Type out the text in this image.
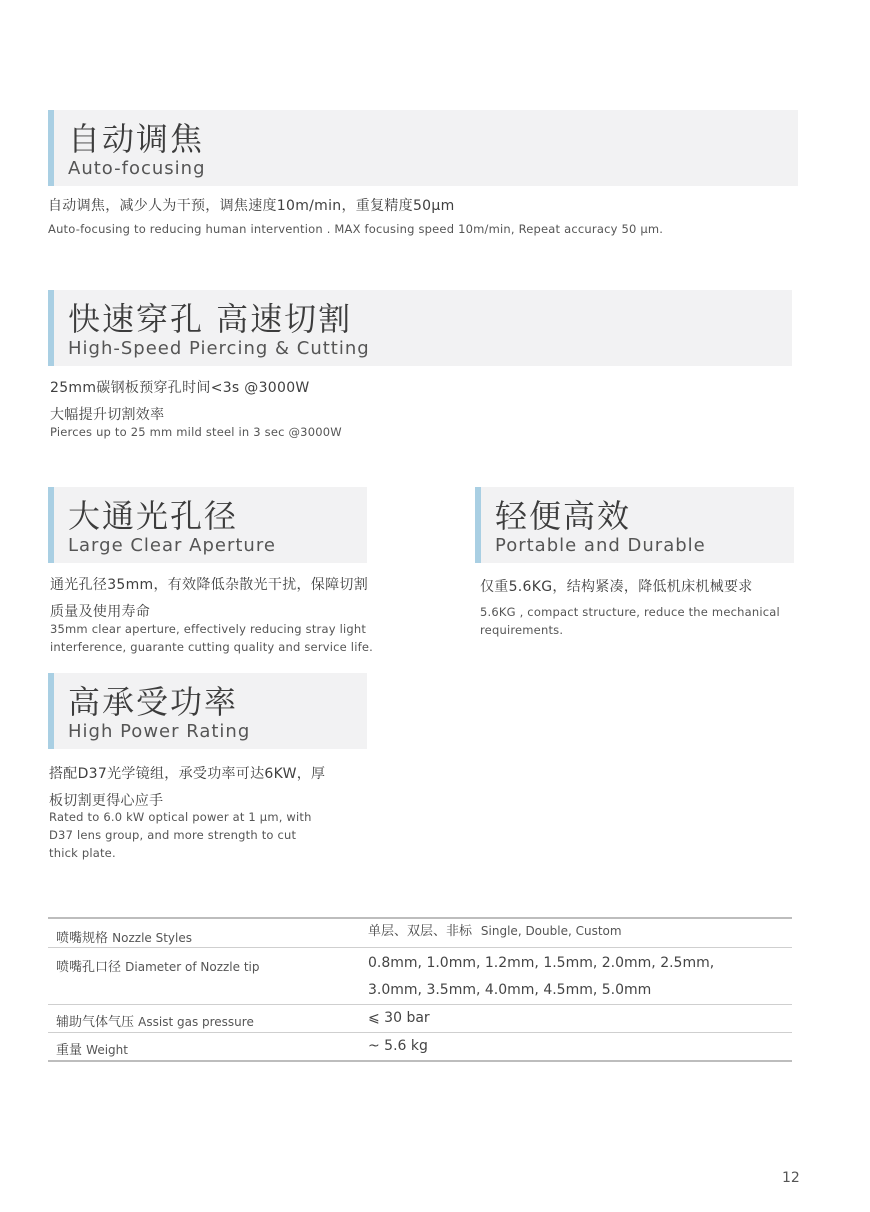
自动调焦
Auto-focusing
自动调焦，减少人为干预，调焦速度10m/min，重复精度50μm
Auto-focusing to reducing human intervention . MAX focusing speed 10m/min, Repeat accuracy 50 μm.
快速穿孔 高速切割
High-Speed Piercing & Cutting
25mm碳钢板预穿孔时间<3s @3000W
大幅提升切割效率
Pierces up to 25 mm mild steel in 3 sec @3000W
大通光孔径
Large Clear Aperture
通光孔径35mm，有效降低杂散光干扰，保障切割
质量及使用寿命
35mm clear aperture, effectively reducing stray light
interference, guarante cutting quality and service life.
轻便高效
Portable and Durable
仅重5.6KG，结构紧凑，降低机床机械要求
5.6KG , compact structure, reduce the mechanical
requirements.
高承受功率
High Power Rating
搭配D37光学镜组，承受功率可达6KW，厚
板切割更得心应手
Rated to 6.0 kW optical power at 1 μm, with
D37 lens group, and more strength to cut
thick plate.
喷嘴规格 Nozzle Styles	单层、双层、非标 Single, Double, Custom
喷嘴孔口径 Diameter of Nozzle tip	0.8mm, 1.0mm, 1.2mm, 1.5mm, 2.0mm, 2.5mm,
3.0mm, 3.5mm, 4.0mm, 4.5mm, 5.0mm
辅助气体气压 Assist gas pressure	⩽ 30 bar
重量 Weight	~ 5.6 kg
12
